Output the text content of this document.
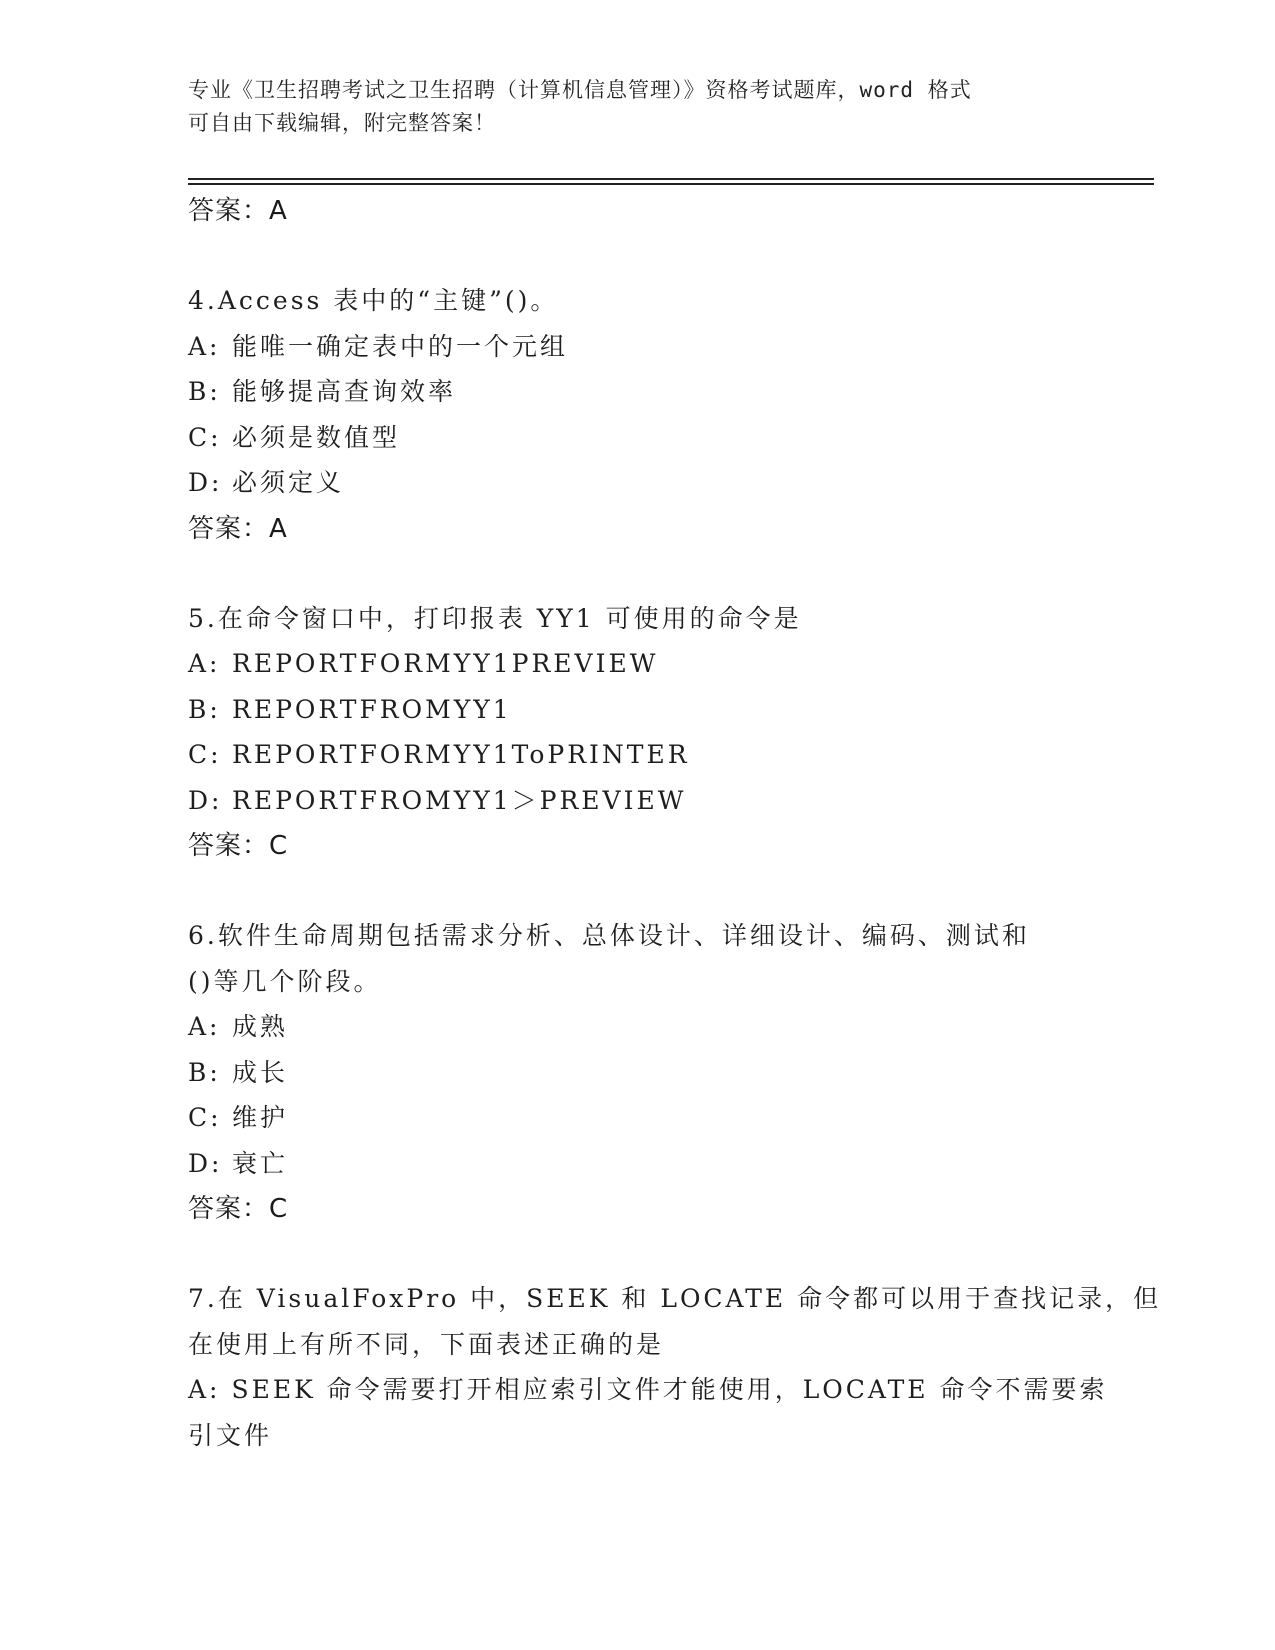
专业《卫生招聘考试之卫生招聘（计算机信息管理）》资格考试题库，word 格式
可自由下载编辑，附完整答案！
答案：A
4.Access 表中的“主键”()。
A: 能唯一确定表中的一个元组
B: 能够提高查询效率
C: 必须是数值型
D: 必须定义
答案：A
5.在命令窗口中，打印报表 YY1 可使用的命令是
A: REPORTFORMYY1PREVIEW
B: REPORTFROMYY1
C: REPORTFORMYY1ToPRINTER
D: REPORTFROMYY1＞PREVIEW
答案：C
6.软件生命周期包括需求分析、总体设计、详细设计、编码、测试和
()等几个阶段。
A: 成熟
B: 成长
C: 维护
D: 衰亡
答案：C
7.在 VisualFoxPro 中，SEEK 和 LOCATE 命令都可以用于查找记录，但
在使用上有所不同，下面表述正确的是
A: SEEK 命令需要打开相应索引文件才能使用，LOCATE 命令不需要索
引文件
